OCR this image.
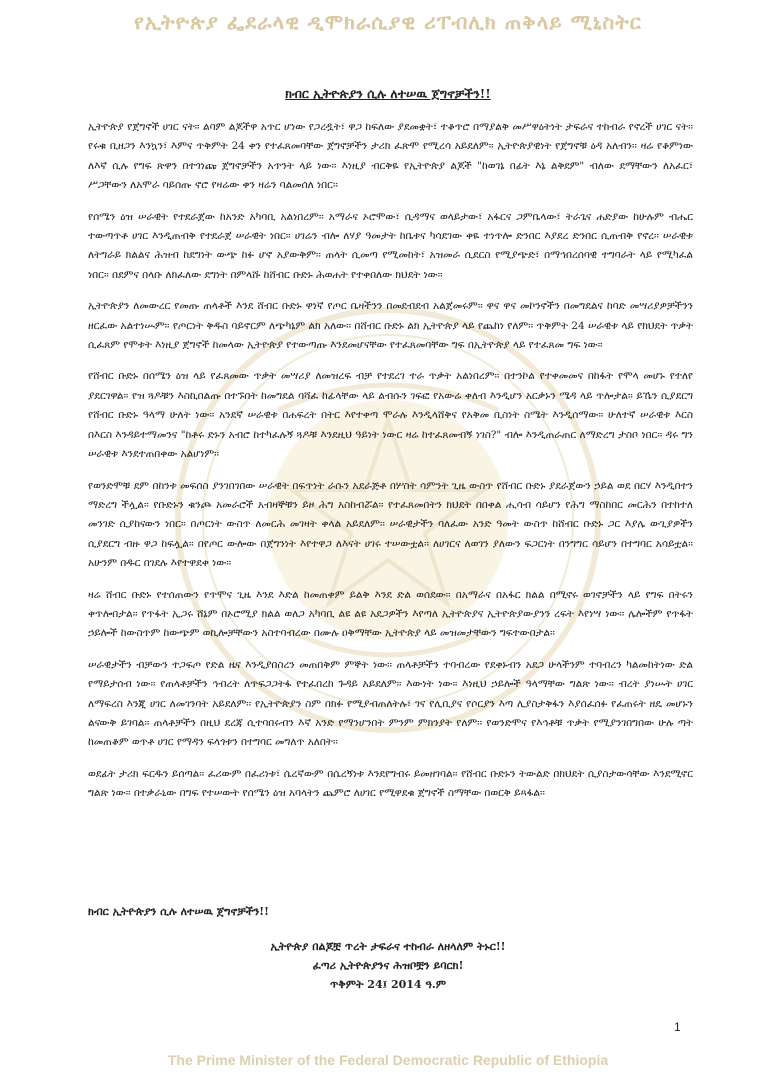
የኢትዮጵያ ፌደራላዊ ዲሞክራሲያዊ ሪፐብሊክ ጠቅላይ ሚኒስትር
ክብር ኢትዮጵያን ሲሉ ለተሠዉ ጀግኖቻችን!!

ኢትዮጵያ የጀግኖች ሀገር ናት፡፡ ልባም ልጆችዋ አጥር ሆነው የጋረዷት፣ ዋጋ ከፍለው ያደመቋት፣ ተቆጥሮ በማያልቅ መሥዋዕትነት ታፍራና ተከብራ የኖረች ሀገር ናት፡፡ የሩቁ ቢዘጋን እንኳን፣ እምና ጥቅምት 24 ቀን የተፈጸመባቸው ጀግኖቻችን ታሪክ ፈጽሞ የሚረሳ አይደለም፡፡ ኢትዮጵያዊነት የጀግኖቹ ዕዳ አለብን፡፡ ዛሬ የቆምነው ለእኛ ሲሉ የግፍ ጽዋን በተጎነጩ ጀግኖቻችን አጥንት ላይ ነው፡፡ እነዚያ ብርቅዬ የኢትዮጵያ ልጆች "ከወገኔ በፊት እኔ ልቅደም" ብለው ደማቸውን ለአፈር፣ ሥጋቸውን ለአሞራ ባይሰጡ ኖሮ የዛሬው ቀን ዛሬን ባልመሰለ ነበር፡፡

የሰሜን ዕዝ ሠራዊት የተደራጀው ከአንድ አካባቢ አልነበረም፡፡ አማራና ኦሮሞው፣ ሲዳማና ወላይታው፣ አፋርና ጋምቤላው፣ ትራጌና ሐድያው ከሁሉም ብሔር ተውጣጥቶ ሀገር እንዲጠብቅ የተደራጀ ሠራዊት ነበር፡፡ ሀገሬን ብሎ ለሃያ ዓመታት ከቤቱና ካሳደገው ቀዬ ተነጥሎ ድንበር እያደረ ድንበር ሲጠብቅ የኖረ፡፡ ሠራዊቱ ለትግራይ ክልልና ሕዝብ ከደግነት ውጭ ከፉ ሆኖ አያውቅም፡፡ ጠላት ሲመጣ የሚመከት፣ አዝመራ ሲደርስ የሚያጭድ፣ በማኅበረሰባዊ ተግባራት ላይ የሚካፈል ነበር፡፡ በደምና በላቡ ለክፈለው ደግነት በምላሹ ከሸብር ቡድኑ ሕወሐት የተቀበለው ክህደት ነው፡፡

ኢትዮጵያን ለመውረር የመጡ ጠላቶች እንደ ሸብር ቡድኑ ዋነኛ የጦር ቤዛችንን በመደብደብ አልጀመሩም፡፡ ዋና ዋና መኮንኖችን በመግደልና ከባድ መሣሪያዎቻችንን ዘርፈው አልተነሡም፡፡ የጦርነት ቅዱስ ባይኖርም ለጭካኔም ልክ አለው፡፡ በሸብር ቡድኑ ልክ ኢትዮጵያ ላይ የጨከነ የለም፡፡ ጥቅምት 24 ሠራዊቱ ላይ የክህደት ጥቃት ሲፈጸም የሞቱት እነዚያ ጀግኖች ከመላው ኢትዮጵያ የተውጣጡ እንደመሆናቸው የተፈጸመባቸው ግፍ በኢትዮጵያ ላይ የተፈጸመ ግፍ ነው፡፡

የሸብር ቡድኑ በሰሜን ዕዝ ላይ የፈጸመው ጥቃት መሣሪያ ለመዝረፍ ብቻ የተደረገ ተራ ጥቃት አልነበረም፡፡ በተንኮል የተቀመመና በከፋት የሞላ መሆኑ የተለየ ያደርገዋል፡፡ የዝ ጓዶቹን እስኪበልጡ በተኙበት ከመግደል ባሻፈ ከፊላቸው ላይ ልብሱን ገፍፎ የአውሬ ቀለብ እንዲሆን አርቃኑን ሜዳ ላይ ጥሎታል፡፡ ይኼን ሲያደርግ የሸብር ቡድኑ ዓላማ ሁለት ነው፡፡ አንደኛ ሠራዊቱ በሐፍረት በትር እየተቀጣ ሞራሉ እንዲላሸቅና የአቅመ ቢስነት ስሜት እንዲሰማው፡፡ ሁለተኛ ሠራዊቱ እርስ በእርስ እንዳይተማመንና "ከቶሩ ድኑን አብሮ ከተካፈሉኝ ጓዶቹ እንደዚህ ዓይነት ነውር ዛሬ ከተፈጸመብኝ ነገስ?" ብሎ እንዲጠራጠር ለማድረግ ታስቦ ነበር፡፡ ዳሩ ግን ሠራዊቱ እንደተጠበቀው አልሆነም፡፡

የወንድሞቹ ደም በከንቱ መፍሰስ ያንገበገበው ሠራዊት በፍጥነት ራሱን አደራጅቶ በሦስት ሳምንት ጊዜ ውስጥ የሸብር ቡድኑ ያደራጀውን ኃይል ወደ በርሃ እንዲበተን ማድረግ ችሏል፡፡ የቡድኑን ቁንጮ አመራሮች አብዛኞቹን ይዞ ሕግ አስከብሯል፡፡ የተፈጸመበትን ክህደት በበቀል ሒሳብ ሳይሆን የሕግ ማስከበር መርሕን በተከተለ መንገድ ሲያከናውን ነበር፡፡ በጦርነት ውስጥ ለመርሕ መገዛት ቀላል አይደለም፡፡ ሠራዊታችን ባለፈው አንድ ዓመት ውስጥ ከሸብር ቡድኑ ጋር እያሌ ውጊያዎችን ሲያደርግ ብዙ ዋጋ ከፍሏል፡፡ በየጦር ውሎው በጀግንነት እየተዋጋ ለእናት ሀገሩ ተሠውቷል፡፡ ለሀገርና ለወገን ያለውን ፍጋርነት በንግግር ሳይሆን በተግባር አሳይቷል፡፡ አሁንም በዱር በገደሉ እየተዋደቀ ነው፡፡

ዛሬ ሸብር ቡድኑ የተሰጠውን የጥሞና ጊዜ እንደ እድል ከመጠቀም ይልቅ እንደ ድል ወሰደው፡፡ በአማራና በአፋር ክልል በሚኖሩ ወገኖቻችን ላይ የግፍ በትሩን ቀጥሎበታል፡፡ የጥፋት ኢጋሩ ሸኔም በኦሮሚያ ክልል ወለጋ አካባቢ ልዩ ልዩ አደጋዎችን እየጣለ ኢትዮጵያና ኢትዮጵያውያንን ረፍት እየነሣ ነው፡፡ ሌሎችም የጥፋት ኃይሎች ከውስጥም ከውጭም ወኪሎቻቸውን አስተባብረው በሙሉ ዐቅማቸው ኢትዮጵያ ላይ መዝመታቸውን ግፍተውበታል፡፡

ሠራዊታችን ብቻውን ተጋፍጦ የድል ዜና እንዲያበስረን መጠበቅም ምኞት ነው፡፡ ጠላቶቻችን ተባብረው የደቀኑብን አደጋ ሁላችንም ተባብረን ካልመከትነው ድል የማይታሰብ ነው፡፡ የጠላቶቻችን ኅብረት ለጥፍጋጋትፋ የተፈበረከ ጉዳይ አይደለም፡፡ እውነት ነው፡፡ እነዚህ ኃይሎች ዓላማቸው ግልጽ ነው፡፡ ብረት ያነሡት ሀገር ለማፍረስ እንጂ ሀገር ለመገንባት አይደለም፡፡ የኢትዮጵያን ስም በክፉ የሚያብጠለትሉ፣ ገና የሊቢያና የሶርያን እጣ ሊያስታቅፋን እያሰፈሰፉ የፈጠሩት ዘዴ መሆኑን ልናውቅ ይገባል፡፡ ጠላቶቻችን በዚህ ደረጃ ሲተባበሩብን እኛ አንድ የማንሆንበት ምንም ምክንያት የለም፡፡ የወንድሞና የእኅቶቹ ጥቃት የሚያንገበግበው ሁሉ ጣት ከመጠቆም ወጥቶ ሀገር የማዳን ፍላጎቱን በተግባር መግለጥ አለበት፡፡

ወደፊት ታሪክ ፍርዱን ይሰጣል፡፡ ፈሪውም በፈሪነቱ፣ ሴረኛውም በሴረኝነቱ እንደየግብሩ ይመዘገባል፡፡ የሸብር ቡድኑን ትውልድ በክህደት ሲያስታውሳቸው እንደሚኖር ግልጽ ነው፡፡ በተቃራኒው በግፍ የተሠውት የሰሜን ዕዝ አባላትን ጨምሮ ለሀገር የሚዋደቁ ጀግኖች ስማቸው በወርቅ ይጻፋል፡፡

ክብር ኢትዮጵያን ሲሉ ለተሠዉ ጀግኖቻችን!!
ኢትዮጵያ በልጆቿ ጥረት ታፍራና ተከብራ ለዘላለም ትኑር!!
ፈጣሪ ኢትዮጵያንና ሕዝቦቿን ይባርክ!
ጥቅምት 24፤ 2014 ዓ.ም
1
The Prime Minister of the Federal Democratic Republic of Ethiopia
